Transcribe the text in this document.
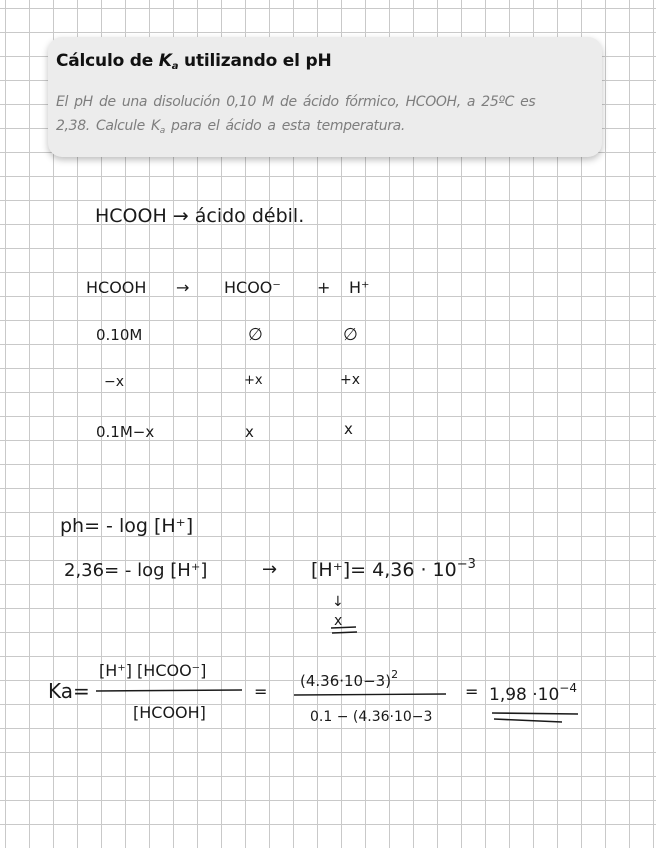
Cálculo de $K_a$ utilizando el pH

El pH de una disolución 0,10 M de ácido fórmico, HCOOH, a 25ºC es
2,38. Calcule $K_a$ para el ácido a esta temperatura.

HCOOH → ácido débil.
HCOOH → HCOO⁻ + H⁺
0.10M	∅	∅
−x	+x	+x
0.1M−x	x	x
ph= - log [H⁺]
2,36= - log [H⁺]	→ $[H^+]= 4,36 \cdot 10^{-3}$
↓
x
Ka=
[H⁺] [HCOO⁻]
[HCOOH]
=
$(4.36\cdot 10-3)^2$
0.1 − (4.36·10−3
= $1,98 \cdot 10^{-4}$
